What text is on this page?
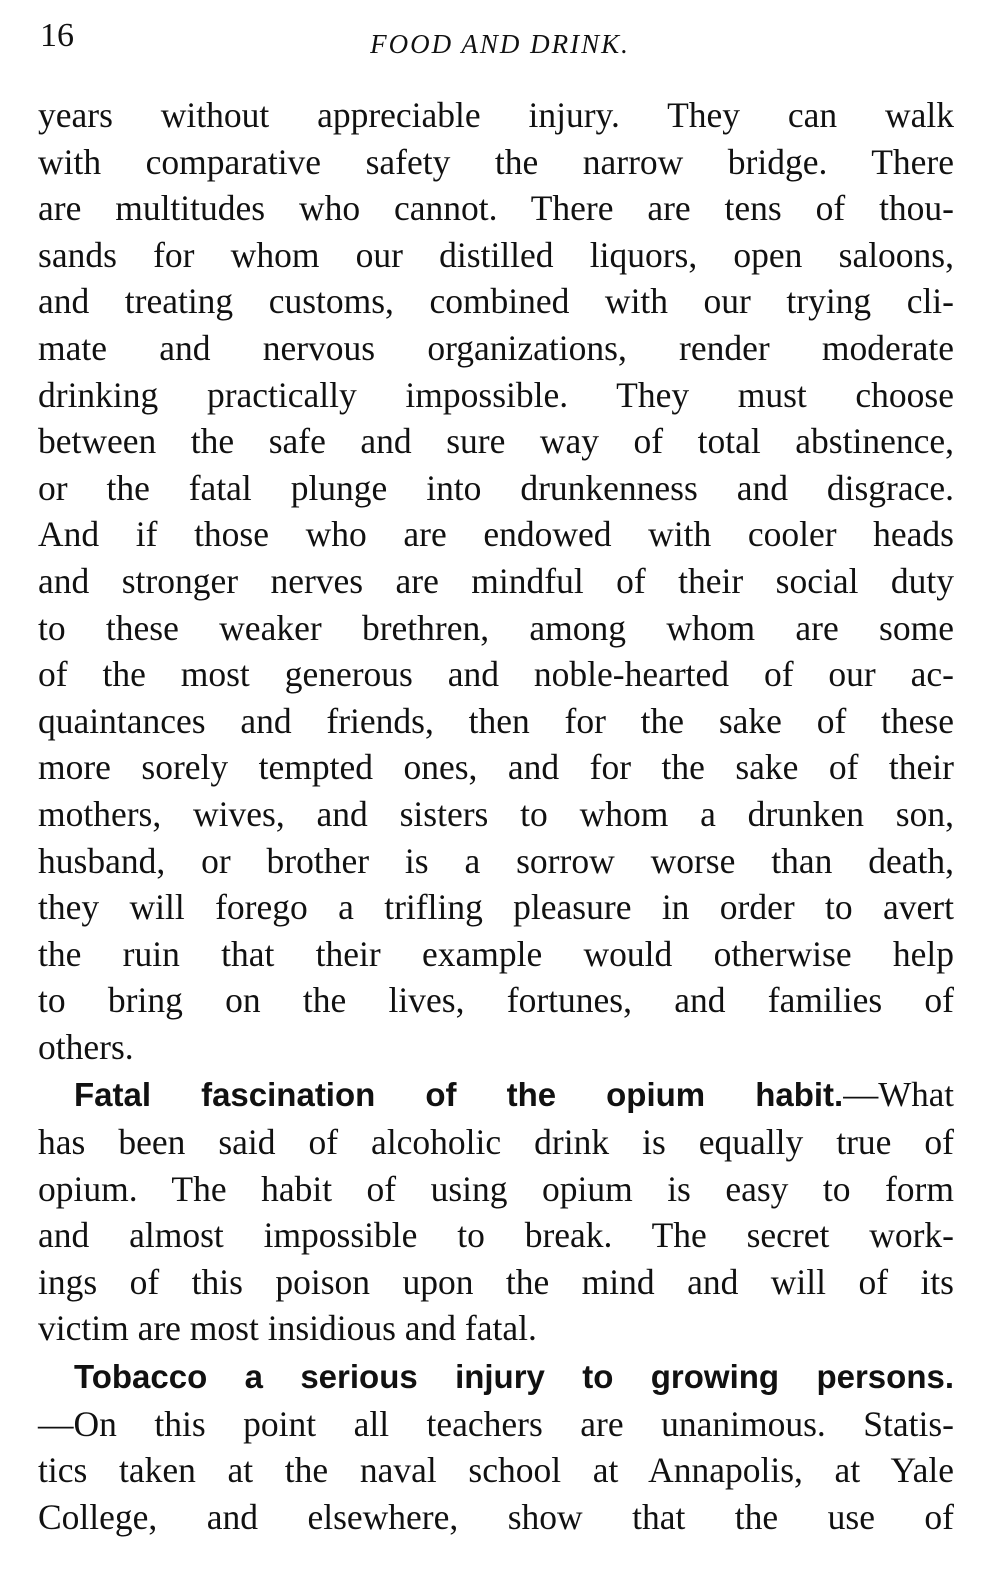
16	FOOD AND DRINK.
years without appreciable injury. They can walk
with comparative safety the narrow bridge. There
are multitudes who cannot. There are tens of thou-
sands for whom our distilled liquors, open saloons,
and treating customs, combined with our trying cli-
mate and nervous organizations, render moderate
drinking practically impossible. They must choose
between the safe and sure way of total abstinence,
or the fatal plunge into drunkenness and disgrace.
And if those who are endowed with cooler heads
and stronger nerves are mindful of their social duty
to these weaker brethren, among whom are some
of the most generous and noble-hearted of our ac-
quaintances and friends, then for the sake of these
more sorely tempted ones, and for the sake of their
mothers, wives, and sisters to whom a drunken son,
husband, or brother is a sorrow worse than death,
they will forego a trifling pleasure in order to avert
the ruin that their example would otherwise help
to bring on the lives, fortunes, and families of
others.
Fatal fascination of the opium habit.—What
has been said of alcoholic drink is equally true of
opium. The habit of using opium is easy to form
and almost impossible to break. The secret work-
ings of this poison upon the mind and will of its
victim are most insidious and fatal.
Tobacco a serious injury to growing persons.
—On this point all teachers are unanimous. Statis-
tics taken at the naval school at Annapolis, at Yale
College, and elsewhere, show that the use of
